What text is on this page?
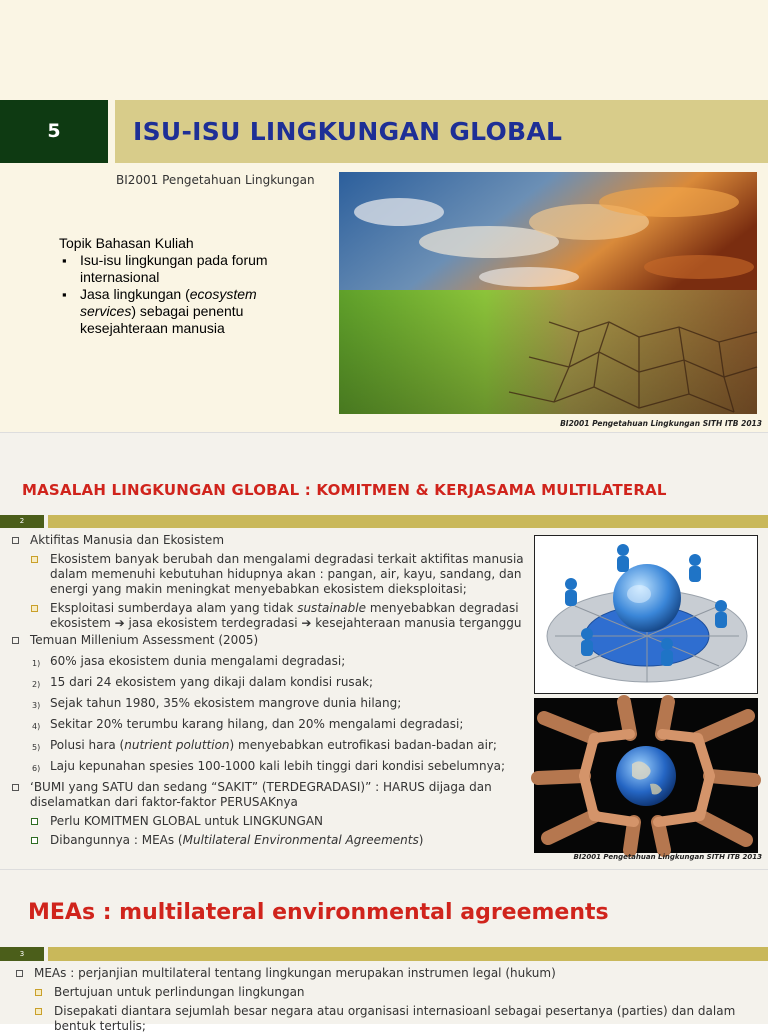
5	ISU-ISU LINGKUNGAN GLOBAL
BI2001 Pengetahuan Lingkungan
Topik Bahasan Kuliah
▪ Isu-isu lingkungan pada forum internasional
▪ Jasa lingkungan (ecosystem services) sebagai penentu kesejahteraan manusia
BI2001 Pengetahuan Lingkungan SITH ITB 2013
MASALAH LINGKUNGAN GLOBAL : KOMITMEN & KERJASAMA MULTILATERAL
2
Aktifitas Manusia dan Ekosistem
Ekosistem banyak berubah dan mengalami degradasi terkait aktifitas manusia dalam memenuhi kebutuhan hidupnya akan : pangan, air, kayu, sandang, dan energi yang makin meningkat menyebabkan ekosistem dieksploitasi;
Eksploitasi sumberdaya alam yang tidak sustainable menyebabkan degradasi ekosistem ➔ jasa ekosistem terdegradasi ➔ kesejahteraan manusia terganggu
Temuan Millenium Assessment (2005)
1) 60% jasa ekosistem dunia mengalami degradasi;
2) 15 dari 24 ekosistem yang dikaji dalam kondisi rusak;
3) Sejak tahun 1980, 35% ekosistem mangrove dunia hilang;
4) Sekitar 20% terumbu karang hilang, dan 20% mengalami degradasi;
5) Polusi hara (nutrient poluttion) menyebabkan eutrofikasi badan-badan air;
6) Laju kepunahan spesies 100-1000 kali lebih tinggi dari kondisi sebelumnya;
‘BUMI yang SATU dan sedang “SAKIT” (TERDEGRADASI)” : HARUS dijaga dan diselamatkan dari faktor-faktor PERUSAKnya
Perlu KOMITMEN GLOBAL untuk LINGKUNGAN
Dibangunnya : MEAs (Multilateral Environmental Agreements)
BI2001 Pengetahuan Lingkungan SITH ITB 2013
MEAs : multilateral environmental agreements
3
MEAs : perjanjian multilateral tentang lingkungan merupakan instrumen legal (hukum)
Bertujuan untuk perlindungan lingkungan
Disepakati diantara sejumlah besar negara atau organisasi internasioanl sebagai pesertanya (parties) dan dalam bentuk tertulis;
